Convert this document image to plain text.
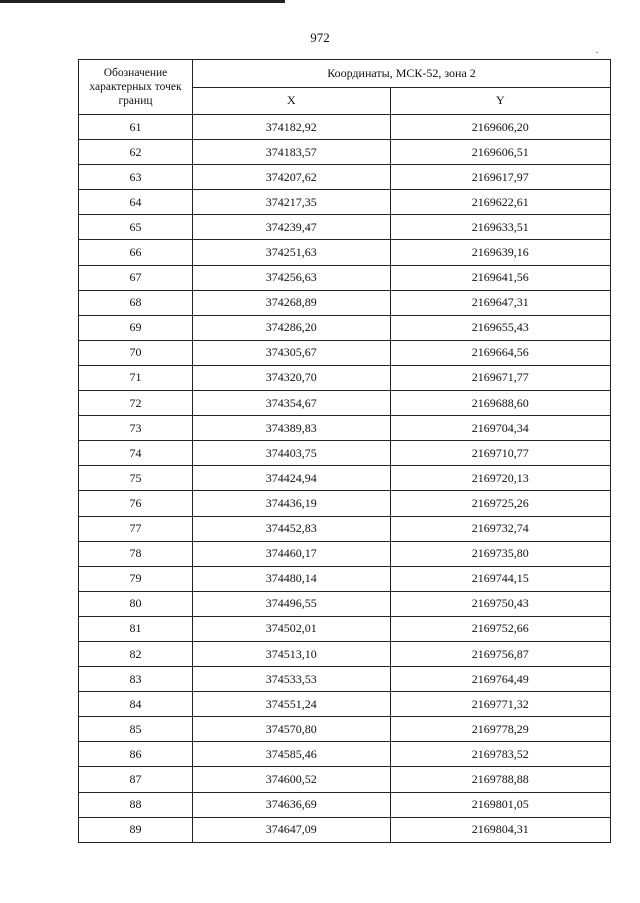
972
Обозначение характерных точек границ	Координаты, МСК-52, зона 2	
	X	Y
61	374182,92	2169606,20
62	374183,57	2169606,51
63	374207,62	2169617,97
64	374217,35	2169622,61
65	374239,47	2169633,51
66	374251,63	2169639,16
67	374256,63	2169641,56
68	374268,89	2169647,31
69	374286,20	2169655,43
70	374305,67	2169664,56
71	374320,70	2169671,77
72	374354,67	2169688,60
73	374389,83	2169704,34
74	374403,75	2169710,77
75	374424,94	2169720,13
76	374436,19	2169725,26
77	374452,83	2169732,74
78	374460,17	2169735,80
79	374480,14	2169744,15
80	374496,55	2169750,43
81	374502,01	2169752,66
82	374513,10	2169756,87
83	374533,53	2169764,49
84	374551,24	2169771,32
85	374570,80	2169778,29
86	374585,46	2169783,52
87	374600,52	2169788,88
88	374636,69	2169801,05
89	374647,09	2169804,31
